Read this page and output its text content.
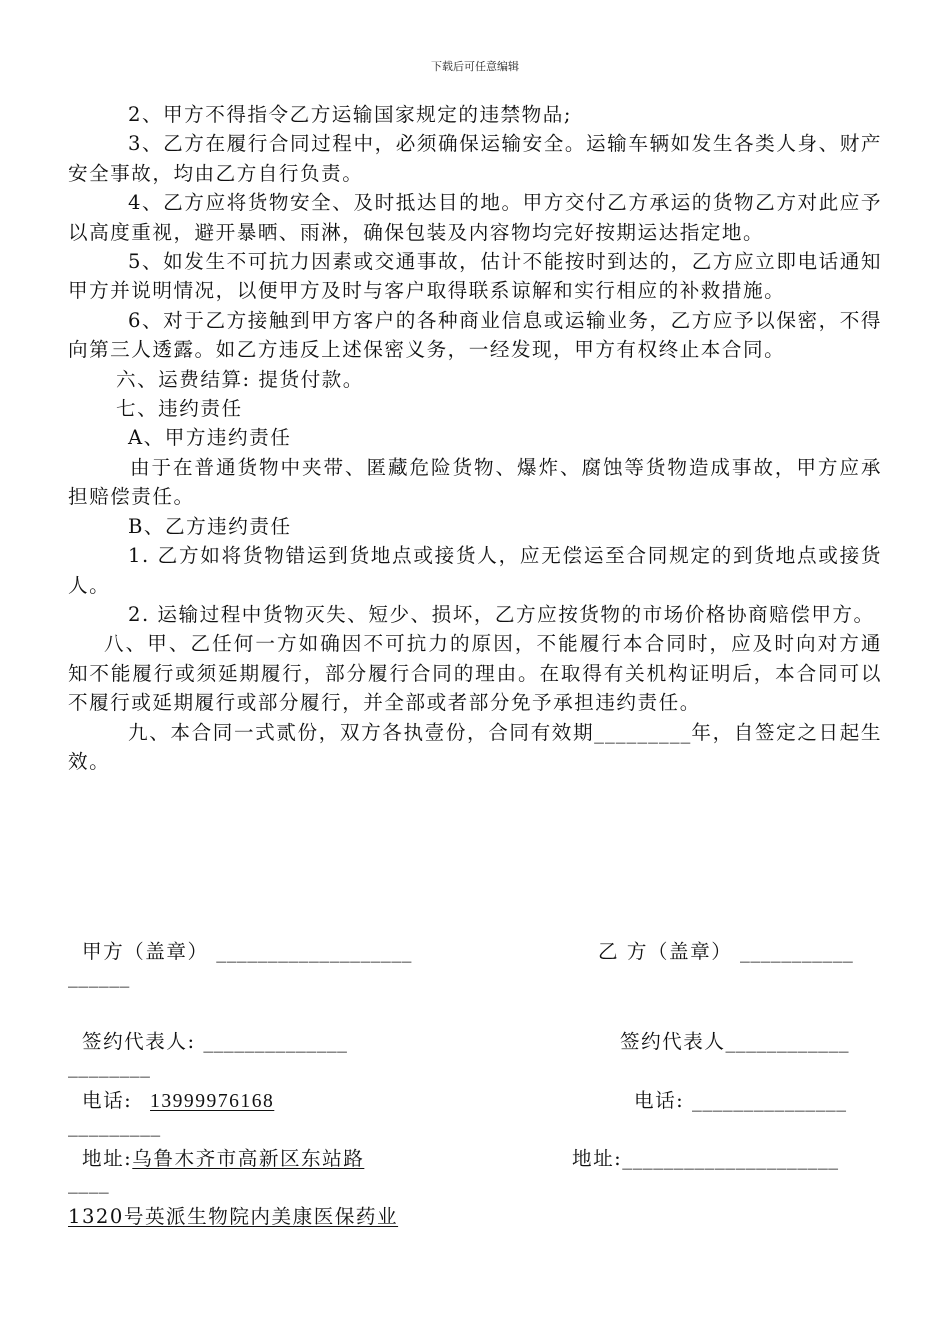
下载后可任意编辑

2、甲方不得指令乙方运输国家规定的违禁物品;

3、乙方在履行合同过程中，必须确保运输安全。运输车辆如发生各类人身、财产安全事故，均由乙方自行负责。

4、乙方应将货物安全、及时抵达目的地。甲方交付乙方承运的货物乙方对此应予以高度重视，避开暴晒、雨淋，确保包装及内容物均完好按期运达指定地。

5、如发生不可抗力因素或交通事故，估计不能按时到达的，乙方应立即电话通知甲方并说明情况，以便甲方及时与客户取得联系谅解和实行相应的补救措施。

6、对于乙方接触到甲方客户的各种商业信息或运输业务，乙方应予以保密，不得向第三人透露。如乙方违反上述保密义务，一经发现，甲方有权终止本合同。

六、运费结算: 提货付款。

七、违约责任

A、甲方违约责任

由于在普通货物中夹带、匿藏危险货物、爆炸、腐蚀等货物造成事故，甲方应承担赔偿责任。

B、乙方违约责任

1. 乙方如将货物错运到货地点或接货人，应无偿运至合同规定的到货地点或接货人。

2. 运输过程中货物灭失、短少、损坏，乙方应按货物的市场价格协商赔偿甲方。

八、甲、乙任何一方如确因不可抗力的原因，不能履行本合同时，应及时向对方通知不能履行或须延期履行，部分履行合同的理由。在取得有关机构证明后，本合同可以不履行或延期履行或部分履行，并全部或者部分免予承担违约责任。

九、本合同一式贰份，双方各执壹份，合同有效期_________年，自签定之日起生效。

甲方（盖章） ___________________	乙 方（盖章） ___________
______
签约代表人: ______________	签约代表人____________
________
电话: 13999976168	电话: _______________
_________
地址:乌鲁木齐市高新区东站路	地址:_____________________
____
1320号英派生物院内美康医保药业
